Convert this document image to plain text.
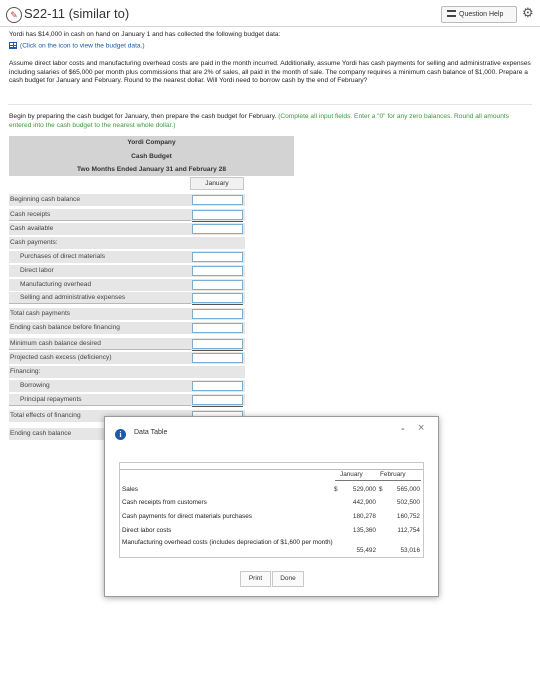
✎ S22-11 (similar to)	Question Help	⚙
Yordi has $14,000 in cash on hand on January 1 and has collected the following budget data:
(Click on the icon to view the budget data.)
Assume direct labor costs and manufacturing overhead costs are paid in the month incurred. Additionally, assume Yordi has cash payments for selling and administrative expenses including salaries of $65,000 per month plus commissions that are 2% of sales, all paid in the month of sale. The company requires a minimum cash balance of $1,000. Prepare a cash budget for January and February. Round to the nearest dollar. Will Yordi need to borrow cash by the end of February?
Begin by preparing the cash budget for January, then prepare the cash budget for February. (Complete all input fields. Enter a "0" for any zero balances. Round all amounts entered into the cash budget to the nearest whole dollar.)
Yordi Company
Cash Budget
Two Months Ended January 31 and February 28
January
Beginning cash balance
Cash receipts
Cash available
Cash payments:
Purchases of direct materials
Direct labor
Manufacturing overhead
Selling and administrative expenses
Total cash payments
Ending cash balance before financing
Minimum cash balance desired
Projected cash excess (deficiency)
Financing:
Borrowing
Principal repayments
Total effects of financing
Ending cash balance	i	Data Table	- ×
January	February
Sales	$	529,000 $	565,000
Cash receipts from customers	442,900	502,500
Cash payments for direct materials purchases	180,278	160,752
Direct labor costs	135,360	112,754
Manufacturing overhead costs (includes depreciation of $1,600 per month)
55,492	53,016
Print	Done
